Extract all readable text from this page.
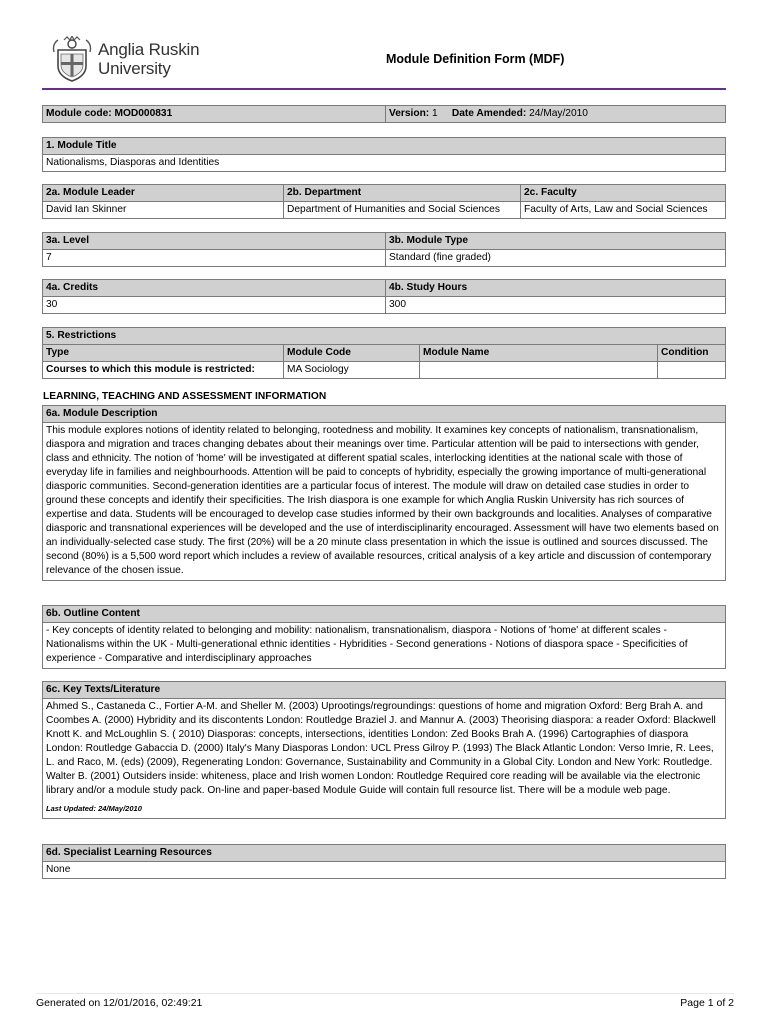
Anglia Ruskin
University	Module Definition Form (MDF)
Module code: MOD000831	Version: 1 Date Amended: 24/May/2010
1. Module Title
Nationalisms, Diasporas and Identities
2a. Module Leader	2b. Department	2c. Faculty
David Ian Skinner	Department of Humanities and Social Sciences	Faculty of Arts, Law and Social Sciences
3a. Level	3b. Module Type
7	Standard (fine graded)
4a. Credits	4b. Study Hours
30	300
5. Restrictions			
Type	Module Code	Module Name	Condition
Courses to which this module is restricted:	MA Sociology		
LEARNING, TEACHING AND ASSESSMENT INFORMATION
6a. Module Description
This module explores notions of identity related to belonging, rootedness and mobility. It examines key concepts of nationalism, transnationalism, diaspora and migration and traces changing debates about their meanings over time. Particular attention will be paid to intersections with gender, class and ethnicity. The notion of 'home' will be investigated at different spatial scales, interlocking identities at the national scale with those of everyday life in families and neighbourhoods. Attention will be paid to concepts of hybridity, especially the growing importance of multi-generational diasporic communities. Second-generation identities are a particular focus of interest. The module will draw on detailed case studies in order to ground these concepts and identify their specificities. The Irish diaspora is one example for which Anglia Ruskin University has rich sources of expertise and data. Students will be encouraged to develop case studies informed by their own backgrounds and localities. Analyses of comparative diasporic and transnational experiences will be developed and the use of interdisciplinarity encouraged. Assessment will have two elements based on an individually-selected case study. The first (20%) will be a 20 minute class presentation in which the issue is outlined and sources discussed. The second (80%) is a 5,500 word report which includes a review of available resources, critical analysis of a key article and discussion of contemporary relevance of the chosen issue.
6b. Outline Content
- Key concepts of identity related to belonging and mobility: nationalism, transnationalism, diaspora - Notions of 'home' at different scales - Nationalisms within the UK - Multi-generational ethnic identities - Hybridities - Second generations - Notions of diaspora space - Specificities of experience - Comparative and interdisciplinary approaches
6c. Key Texts/Literature

Ahmed S., Castaneda C., Fortier A-M. and Sheller M. (2003) Uprootings/regroundings: questions of home and migration Oxford: Berg Brah A. and Coombes A. (2000) Hybridity and its discontents London: Routledge Braziel J. and Mannur A. (2003) Theorising diaspora: a reader Oxford: Blackwell Knott K. and McLoughlin S. ( 2010) Diasporas: concepts, intersections, identities London: Zed Books Brah A. (1996) Cartographies of diaspora London: Routledge Gabaccia D. (2000) Italy's Many Diasporas London: UCL Press Gilroy P. (1993) The Black Atlantic London: Verso Imrie, R. Lees, L. and Raco, M. (eds) (2009), Regenerating London: Governance, Sustainability and Community in a Global City. London and New York: Routledge. Walter B. (2001) Outsiders inside: whiteness, place and Irish women London: Routledge Required core reading will be available via the electronic library and/or a module study pack. On-line and paper-based Module Guide will contain full resource list. There will be a module web page.
Last Updated: 24/May/2010
6d. Specialist Learning Resources
None
Generated on 12/01/2016, 02:49:21	Page 1 of 2
